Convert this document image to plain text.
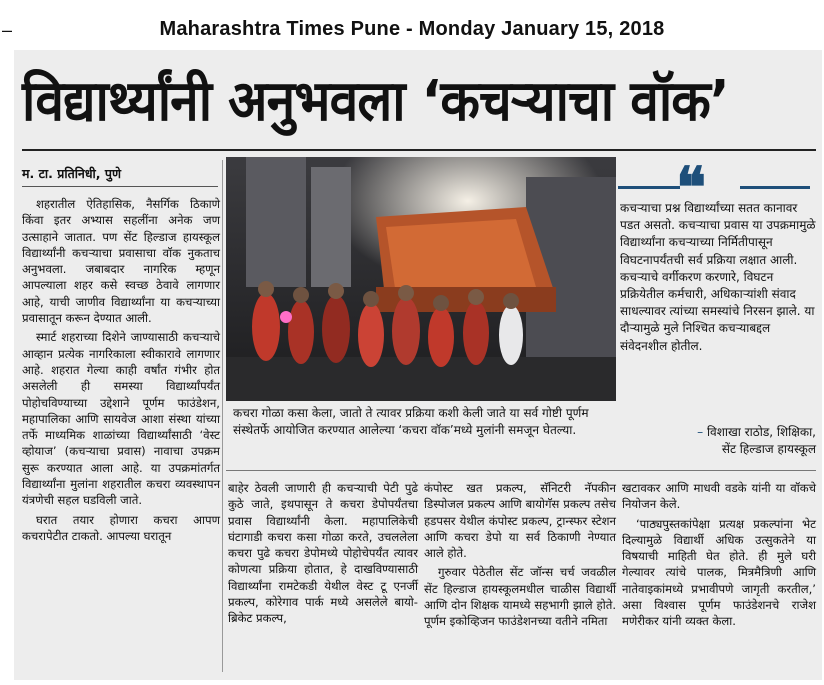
–	Maharashtra Times Pune - Monday January 15, 2018
विद्यार्थ्यांनी अनुभवला ‘कचऱ्याचा वॉक’
म. टा. प्रतिनिधी, पुणे

शहरातील ऐतिहासिक, नैसर्गिक ठिकाणे किंवा इतर अभ्यास सहलींना अनेक जण उत्साहाने जातात. पण सेंट हिल्डाज हायस्कूल विद्यार्थ्यांनी कचऱ्याचा प्रवासाचा वॉक नुकताच अनुभवला. जबाबदार नागरिक म्हणून आपल्याला शहर कसे स्वच्छ ठेवावे लागणार आहे, याची जाणीव विद्यार्थ्यांना या कचऱ्याच्या प्रवासातून करून देण्यात आली.

स्मार्ट शहराच्या दिशेने जाण्यासाठी कचऱ्याचे आव्हान प्रत्येक नागरिकाला स्वीकारावे लागणार आहे. शहरात गेल्या काही वर्षांत गंभीर होत असलेली ही समस्या विद्यार्थ्यांपर्यंत पोहोचविण्याच्या उद्देशाने पूर्णम फाउंडेशन, महापालिका आणि सायवेज आशा संस्था यांच्या तर्फे माध्यमिक शाळांच्या विद्यार्थ्यांसाठी ‘वेस्ट व्होयाज’ (कचऱ्याचा प्रवास) नावाचा उपक्रम सुरू करण्यात आला आहे. या उपक्रमांतर्गत विद्यार्थ्यांना मुलांना शहरातील कचरा व्यवस्थापन यंत्रणेची सहल घडविली जाते.

घरात तयार होणारा कचरा आपण कचरापेटीत टाकतो. आपल्या घरातून

कचरा गोळा कसा केला, जातो ते त्यावर प्रक्रिया कशी केली जाते या सर्व गोष्टी पूर्णम संस्थेतर्फे आयोजित करण्यात आलेल्या ‘कचरा वॉक’मध्ये मुलांनी समजून घेतल्या.
❝
कचऱ्याचा प्रश्न विद्यार्थ्यांच्या सतत कानावर पडत असतो. कचऱ्याचा प्रवास या उपक्रमामुळे विद्यार्थ्यांना कचऱ्याच्या निर्मितीपासून विघटनापर्यंतची सर्व प्रक्रिया लक्षात आली. कचऱ्याचे वर्गीकरण करणारे, विघटन प्रक्रियेतील कर्मचारी, अधिकाऱ्यांशी संवाद साधल्यावर त्यांच्या समस्यांचे निरसन झाले. या दौऱ्यामुळे मुले निश्चित कचऱ्याबद्दल संवेदनशील होतील.
– विशाखा राठोड, शिक्षिका,
सेंट हिल्डाज हायस्कूल

बाहेर ठेवली जाणारी ही कचऱ्याची पेटी पुढे कुठे जाते, इथपासून ते कचरा डेपोपर्यंतचा प्रवास विद्यार्थ्यांनी केला. महापालिकेची घंटागाडी कचरा कसा गोळा करते, उचललेला कचरा पुढे कचरा डेपोमध्ये पोहोचेपर्यंत त्यावर कोणत्या प्रक्रिया होतात, हे दाखविण्यासाठी विद्यार्थ्यांना रामटेकडी येथील वेस्ट टू एनर्जी प्रकल्प, कोरेगाव पार्क मध्ये असलेले बायो-ब्रिकेट प्रकल्प,

कंपोस्ट खत प्रकल्प, सॅनिटरी नॅपकीन डिस्पोजल प्रकल्प आणि बायोगॅस प्रकल्प तसेच हडपसर येथील कंपोस्ट प्रकल्प, ट्रान्स्फर स्टेशन आणि कचरा डेपो या सर्व ठिकाणी नेण्यात आले होते.

गुरुवार पेठेतील सेंट जॉन्स चर्च जवळील सेंट हिल्डाज हायस्कूलमधील चाळीस विद्यार्थी आणि दोन शिक्षक यामध्ये सहभागी झाले होते. पूर्णम इकोव्हिजन फाउंडेशनच्या वतीने नमिता

खटावकर आणि माधवी वडके यांनी या वॉकचे नियोजन केले.

‘पाठ्यपुस्तकांपेक्षा प्रत्यक्ष प्रकल्पांना भेट दिल्यामुळे विद्यार्थी अधिक उत्सुकतेने या विषयाची माहिती घेत होते. ही मुले घरी गेल्यावर त्यांचे पालक, मित्रमैत्रिणी आणि नातेवाइकांमध्ये प्रभावीपणे जागृती करतील,’ असा विश्वास पूर्णम फाउंडेशनचे राजेश मणेरीकर यांनी व्यक्त केला.
